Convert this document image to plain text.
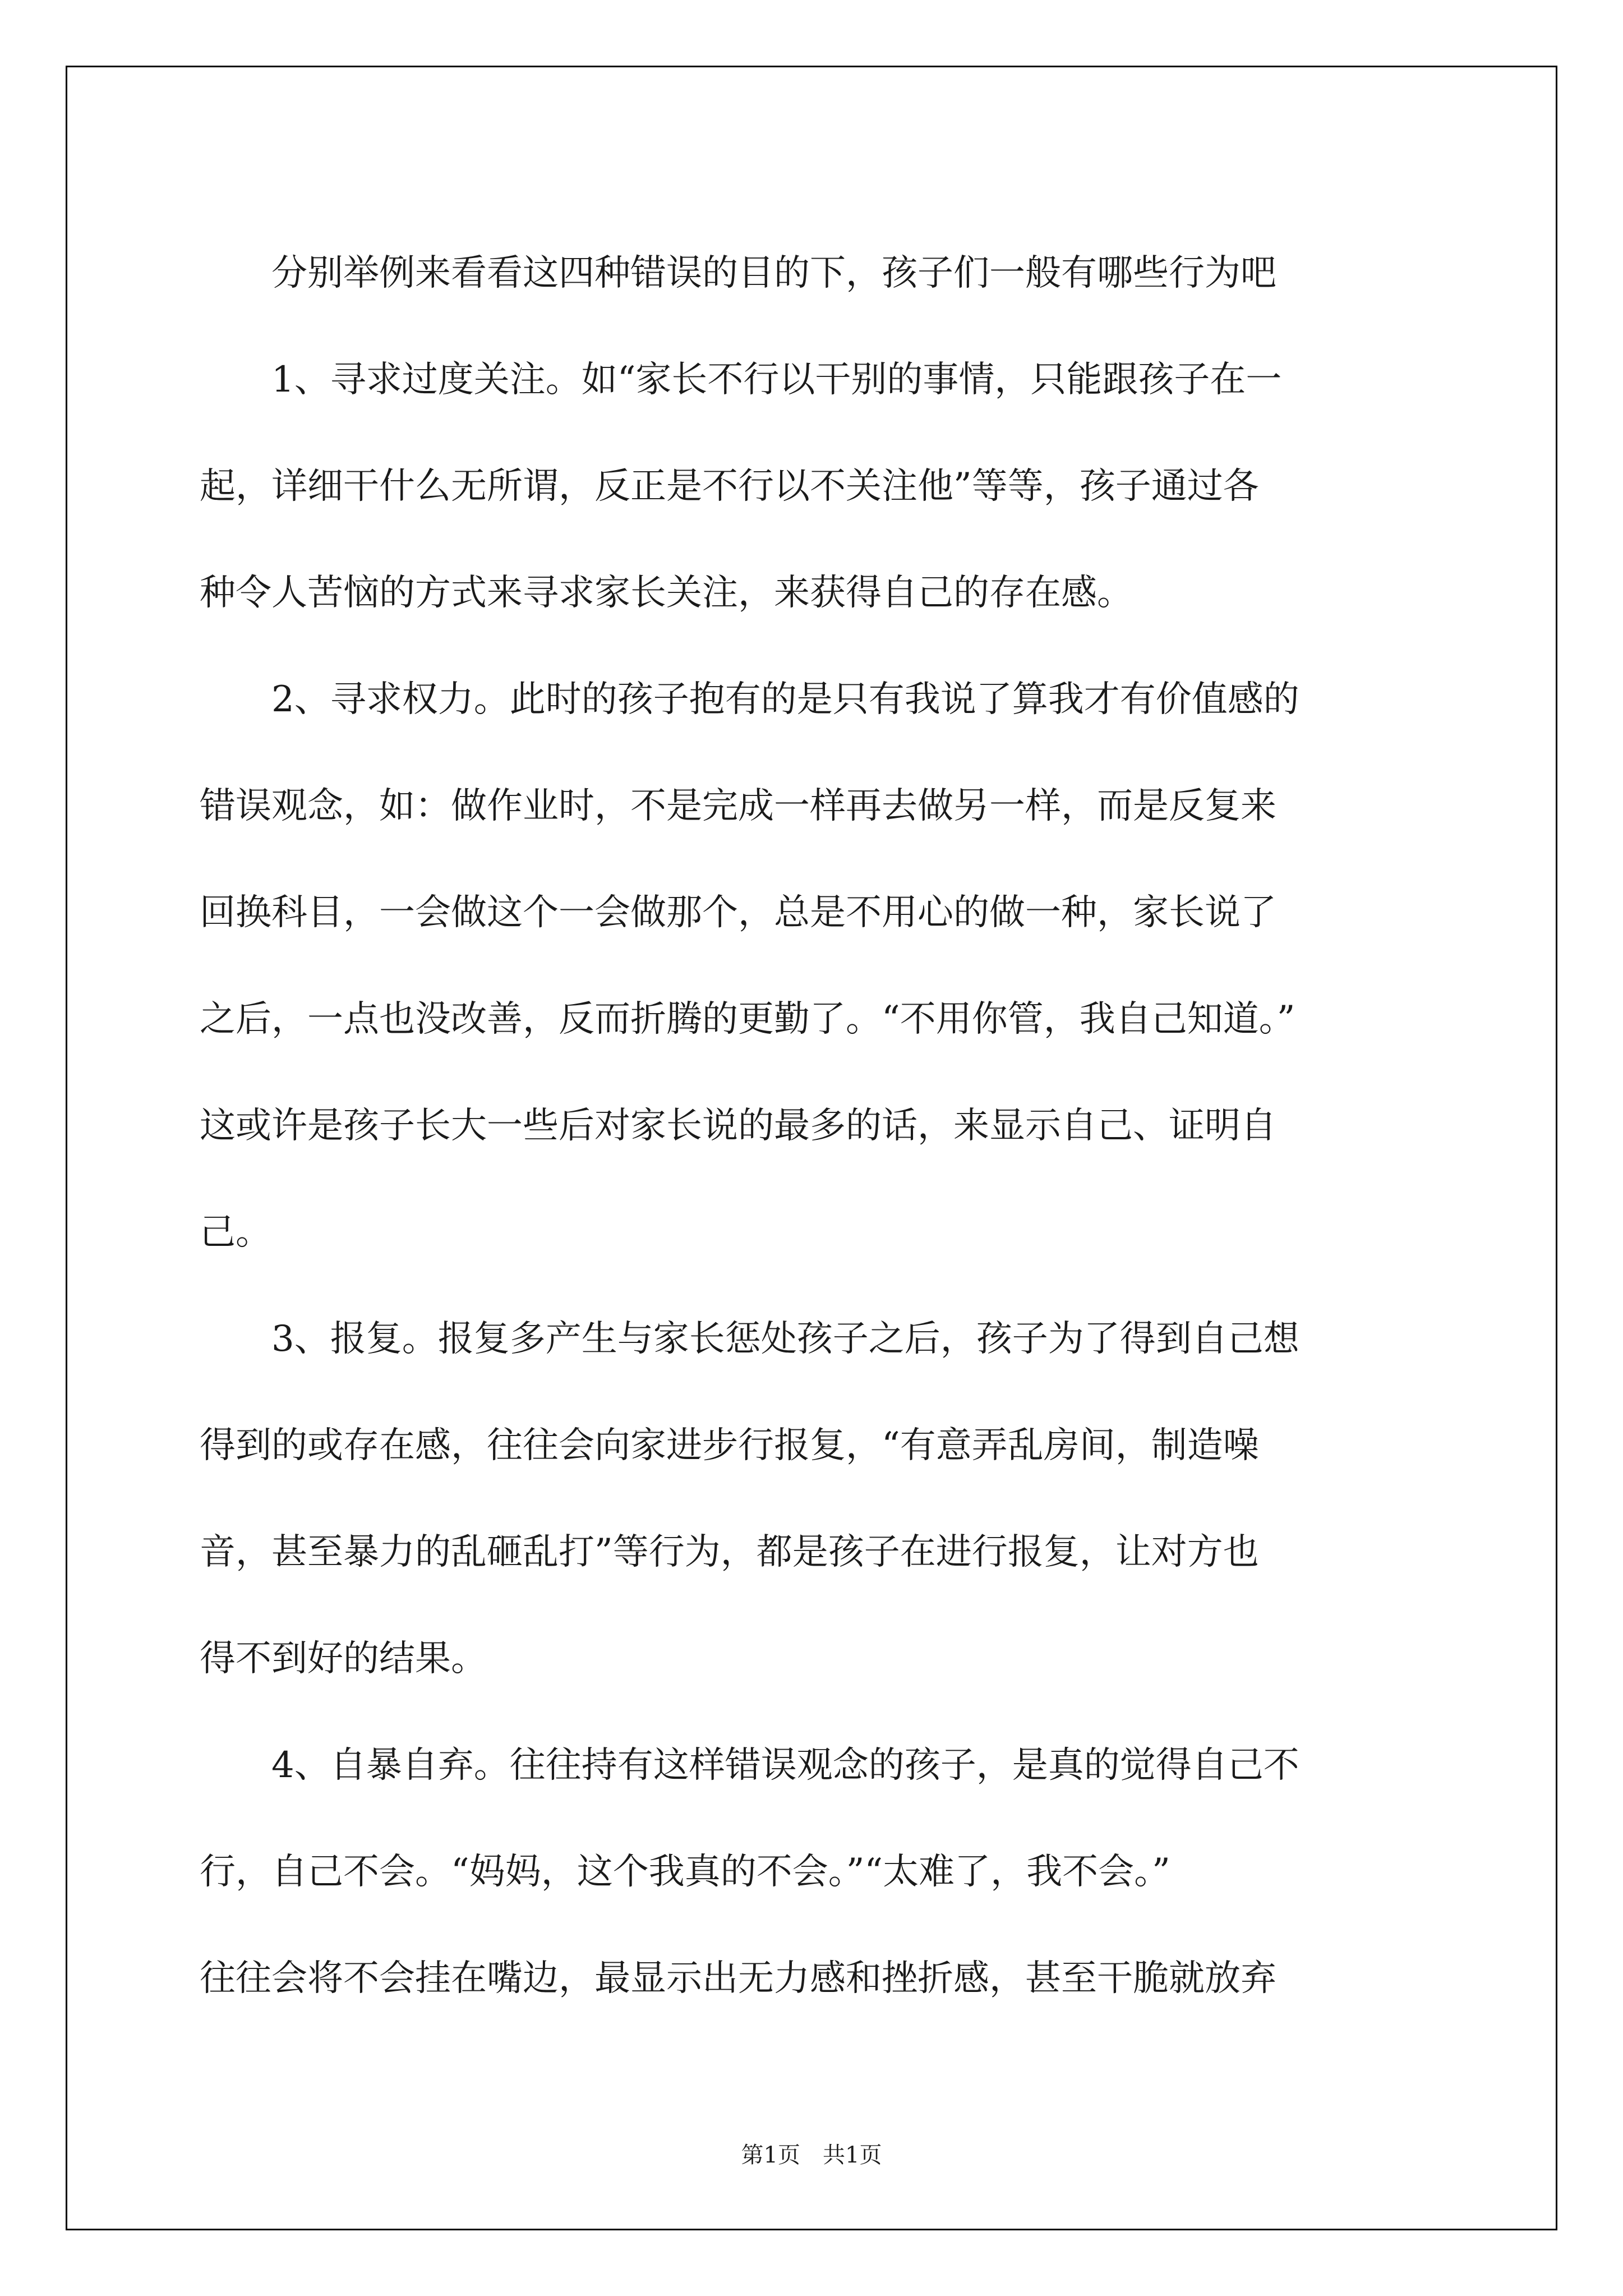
分别举例来看看这四种错误的目的下，孩子们一般有哪些行为吧
1、寻求过度关注。如“家长不行以干别的事情，只能跟孩子在一
起，详细干什么无所谓，反正是不行以不关注他”等等，孩子通过各
种令人苦恼的方式来寻求家长关注，来获得自己的存在感。
2、寻求权力。此时的孩子抱有的是只有我说了算我才有价值感的
错误观念，如：做作业时，不是完成一样再去做另一样，而是反复来
回换科目，一会做这个一会做那个，总是不用心的做一种，家长说了
之后，一点也没改善，反而折腾的更勤了。“不用你管，我自己知道。”
这或许是孩子长大一些后对家长说的最多的话，来显示自己、证明自
己。
3、报复。报复多产生与家长惩处孩子之后，孩子为了得到自己想
得到的或存在感，往往会向家进步行报复，“有意弄乱房间，制造噪
音，甚至暴力的乱砸乱打”等行为，都是孩子在进行报复，让对方也
得不到好的结果。
4、自暴自弃。往往持有这样错误观念的孩子，是真的觉得自己不
行，自己不会。“妈妈，这个我真的不会。”“太难了，我不会。”
往往会将不会挂在嘴边，最显示出无力感和挫折感，甚至干脆就放弃
第1页　共1页
